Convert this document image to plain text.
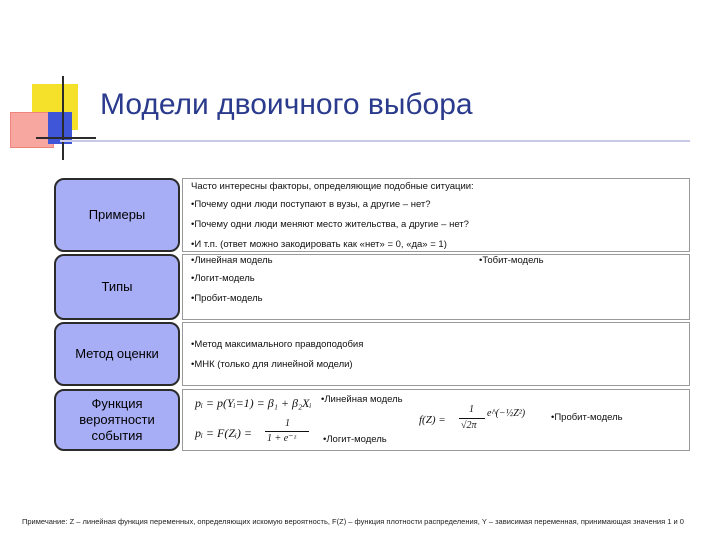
Модели двоичного выбора
Примеры
Часто интересны факторы, определяющие подобные ситуации:
•Почему одни люди поступают в вузы, а другие – нет?
•Почему одни люди меняют место жительства, а другие – нет?
•И т.п. (ответ можно закодировать как «нет» = 0, «да» = 1)
Типы
•Линейная модель	•Тобит-модель
•Логит-модель
•Пробит-модель
Метод оценки
•Метод максимального правдоподобия
•МНК (только для линейной модели)
Функция вероятности события
pᵢ = p(Yᵢ=1) = β₁ + β₂Xᵢ •Линейная модель
pᵢ = F(Zᵢ) =
1
1 + e⁻ᶻ	•Логит-модель
f(Z) =
1
√2π
e^(−½Z²)	•Пробит-модель
Примечание: Z – линейная функция переменных, определяющих искомую вероятность, F(Z) – функция плотности распределения, Y – зависимая переменная, принимающая значения 1 и 0
